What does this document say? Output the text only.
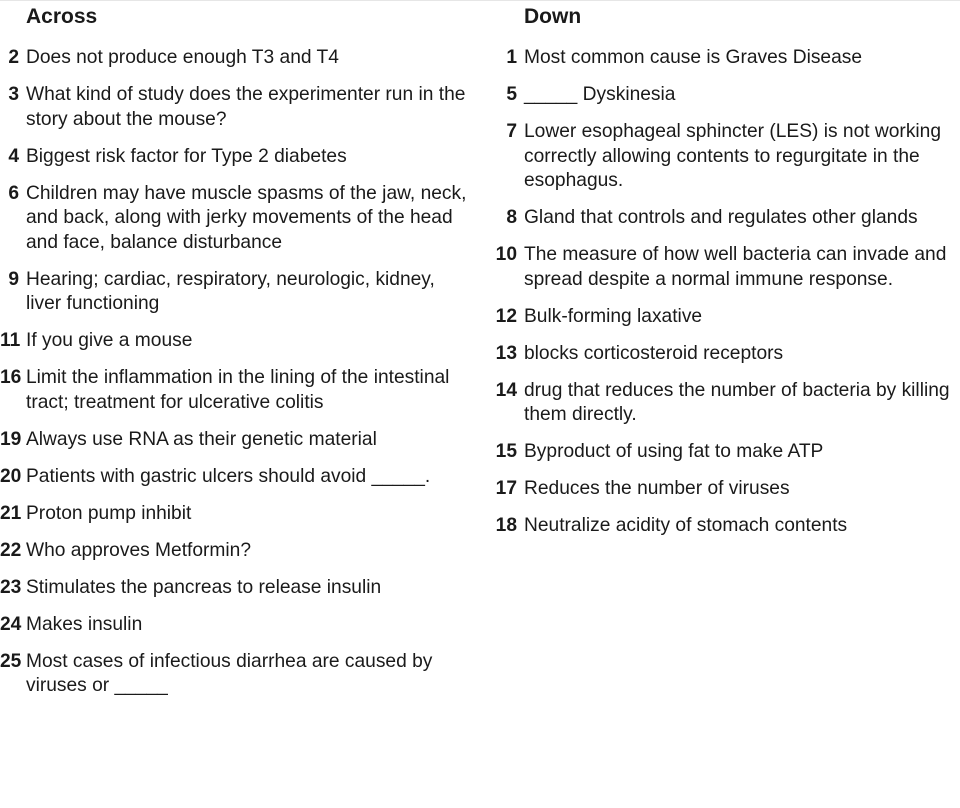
Across
2 Does not produce enough T3 and T4
3 What kind of study does the experimenter run in the story about the mouse?
4 Biggest risk factor for Type 2 diabetes
6 Children may have muscle spasms of the jaw, neck, and back, along with jerky movements of the head and face, balance disturbance
9 Hearing; cardiac, respiratory, neurologic, kidney, liver functioning
11 If you give a mouse
16 Limit the inflammation in the lining of the intestinal tract; treatment for ulcerative colitis
19 Always use RNA as their genetic material
20 Patients with gastric ulcers should avoid _____.
21 Proton pump inhibit
22 Who approves Metformin?
23 Stimulates the pancreas to release insulin
24 Makes insulin
25 Most cases of infectious diarrhea are caused by viruses or _____
Down
1 Most common cause is Graves Disease
5 _____ Dyskinesia
7 Lower esophageal sphincter (LES) is not working correctly allowing contents to regurgitate in the esophagus.
8 Gland that controls and regulates other glands
10 The measure of how well bacteria can invade and spread despite a normal immune response.
12 Bulk-forming laxative
13 blocks corticosteroid receptors
14 drug that reduces the number of bacteria by killing them directly.
15 Byproduct of using fat to make ATP
17 Reduces the number of viruses
18 Neutralize acidity of stomach contents
